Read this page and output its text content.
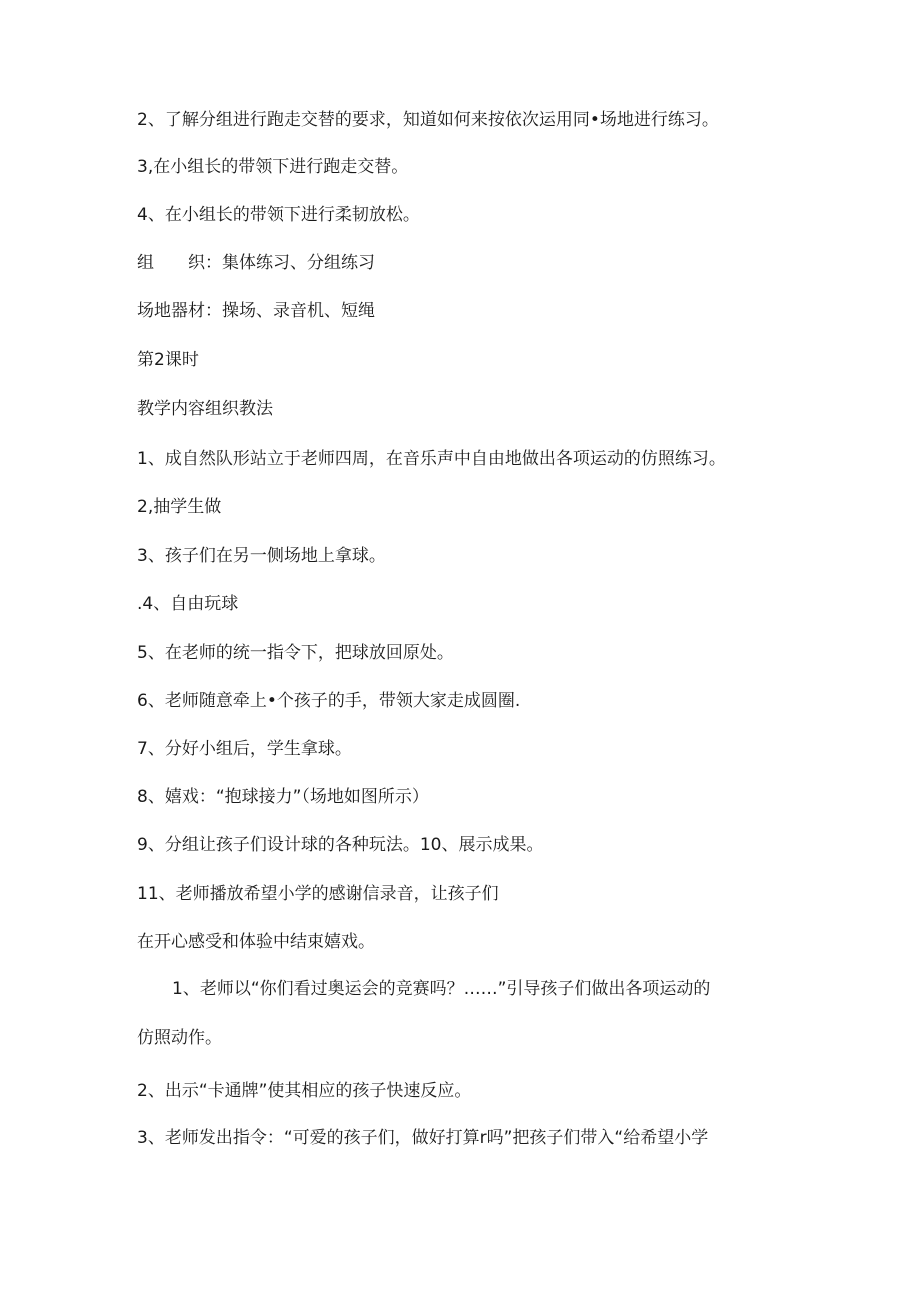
2、了解分组进行跑走交替的要求，知道如何来按依次运用同•场地进行练习。

3,在小组长的带领下进行跑走交替。

4、在小组长的带领下进行柔韧放松。

组　　织：集体练习、分组练习

场地器材：操场、录音机、短绳

第2课时

教学内容组织教法

1、成自然队形站立于老师四周，在音乐声中自由地做出各项运动的仿照练习。

2,抽学生做

3、孩子们在另一侧场地上拿球。

.4、自由玩球

5、在老师的统一指令下，把球放回原处。

6、老师随意牵上•个孩子的手，带领大家走成圆圈.

7、分好小组后，学生拿球。

8、嬉戏：“抱球接力”（场地如图所示）

9、分组让孩子们设计球的各种玩法。10、展示成果。

11、老师播放希望小学的感谢信录音，让孩子们

在开心感受和体验中结束嬉戏。

1、老师以“你们看过奥运会的竞赛吗？……”引导孩子们做出各项运动的

仿照动作。

2、出示“卡通牌”使其相应的孩子快速反应。

3、老师发出指令：“可爱的孩子们，做好打算r吗”把孩子们带入“给希望小学
